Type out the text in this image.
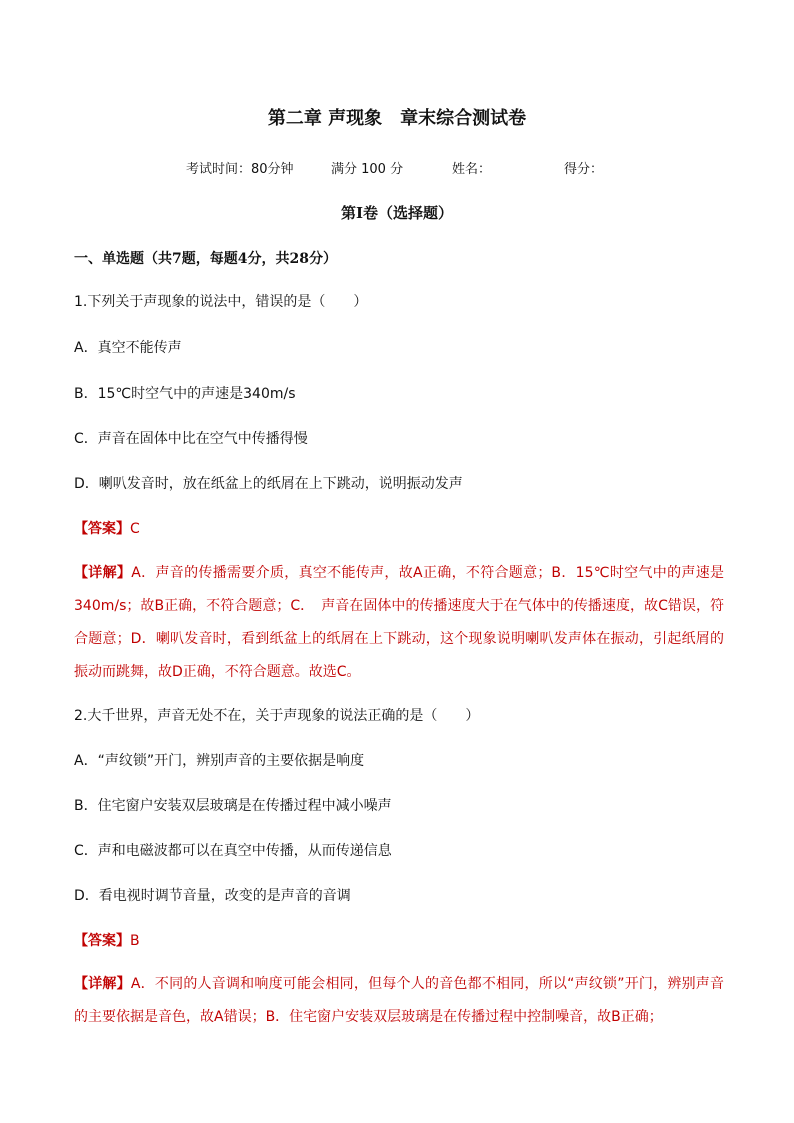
第二章 声现象　章末综合测试卷
考试时间：80分钟	满分 100 分	姓名：	得分：
第Ⅰ卷（选择题）
一、单选题（共7题，每题4分，共28分）
1.下列关于声现象的说法中，错误的是（　　）
A．真空不能传声
B．15℃时空气中的声速是340m/s
C．声音在固体中比在空气中传播得慢
D．喇叭发音时，放在纸盆上的纸屑在上下跳动，说明振动发声
【答案】C
【详解】A．声音的传播需要介质，真空不能传声，故A正确，不符合题意；B．15℃时空气中的声速是340m/s；故B正确，不符合题意；C．　声音在固体中的传播速度大于在气体中的传播速度，故C错误，符合题意；D．喇叭发音时，看到纸盆上的纸屑在上下跳动，这个现象说明喇叭发声体在振动，引起纸屑的振动而跳舞，故D正确，不符合题意。故选C。
2.大千世界，声音无处不在，关于声现象的说法正确的是（　　）
A．“声纹锁”开门，辨别声音的主要依据是响度
B．住宅窗户安装双层玻璃是在传播过程中减小噪声
C．声和电磁波都可以在真空中传播，从而传递信息
D．看电视时调节音量，改变的是声音的音调
【答案】B
【详解】A．不同的人音调和响度可能会相同，但每个人的音色都不相同，所以“声纹锁”开门，辨别声音的主要依据是音色，故A错误；B．住宅窗户安装双层玻璃是在传播过程中控制噪音，故B正确；
